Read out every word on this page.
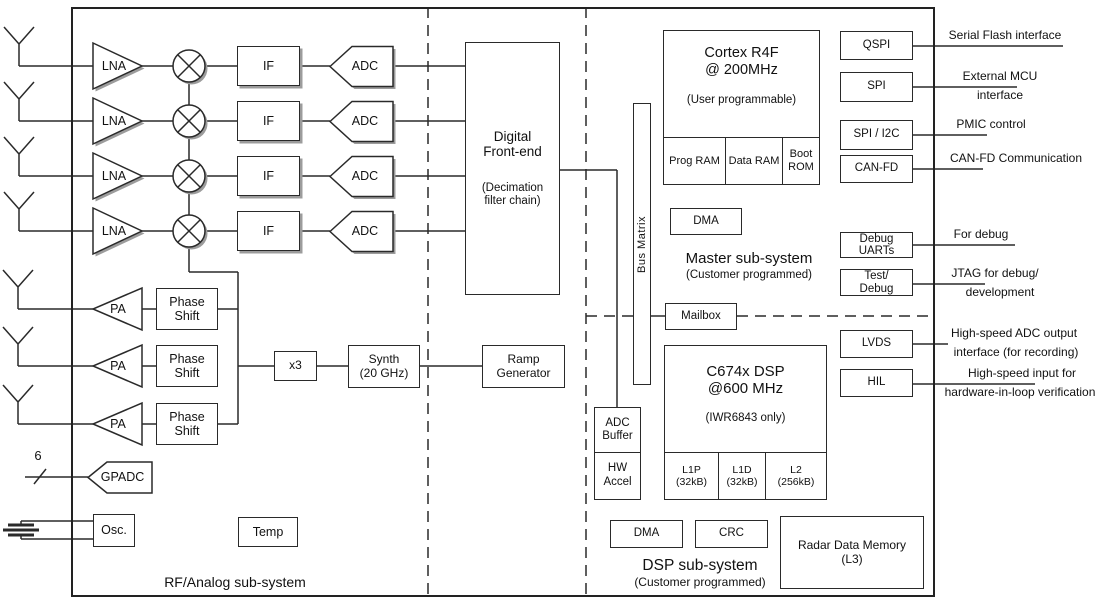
LNA
LNA
LNA
LNA
IF
IF
IF
IF
ADC
ADC
ADC
ADC
PA
PA
PA
Phase
Shift
Phase
Shift
Phase
Shift
x3	Synth
(20 GHz)
Ramp
Generator
GPADC
6
Osc.	Temp
RF/Analog sub-system
Digital
Front-end
(Decimation
filter chain)
Bus Matrix
Cortex R4F
@ 200MHz
(User programmable)
Prog RAM Data RAM
Boot ROM
DMA
Master sub-system
(Customer programmed)
Mailbox
C674x DSP
@600 MHz
(IWR6843 only)
L1P
(32kB)
L1D
(32kB)
L2
(256kB)
ADC
Buffer
HW
Accel
DMA	CRC
Radar Data Memory
(L3)
DSP sub-system
(Customer programmed)
QSPI
SPI
SPI / I2C
CAN-FD
Debug
UARTs
Test/
Debug
LVDS
HIL
Serial Flash interface
External MCU
interface
PMIC control
CAN-FD Communication
For debug
JTAG for debug/
development
High-speed ADC output
interface (for recording)
High-speed input for
hardware-in-loop verification
